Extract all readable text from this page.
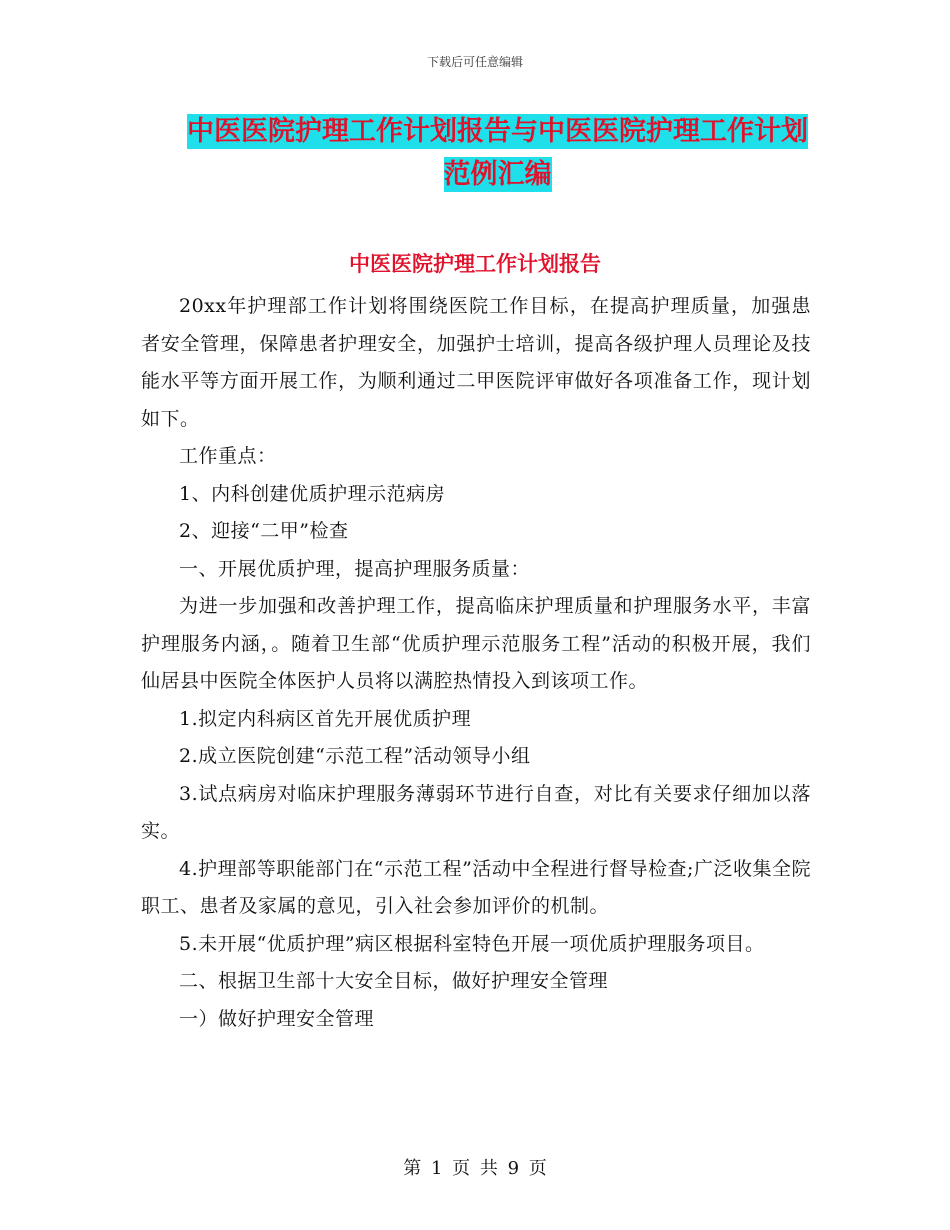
下载后可任意编辑
中医医院护理工作计划报告与中医医院护理工作计划
范例汇编
中医医院护理工作计划报告

20xx年护理部工作计划将围绕医院工作目标，在提高护理质量，加强患者安全管理，保障患者护理安全，加强护士培训，提高各级护理人员理论及技能水平等方面开展工作，为顺利通过二甲医院评审做好各项准备工作，现计划如下。

工作重点：

1、内科创建优质护理示范病房

2、迎接“二甲”检查

一、开展优质护理，提高护理服务质量：

为进一步加强和改善护理工作，提高临床护理质量和护理服务水平，丰富护理服务内涵，。随着卫生部“优质护理示范服务工程”活动的积极开展，我们仙居县中医院全体医护人员将以满腔热情投入到该项工作。

1.拟定内科病区首先开展优质护理

2.成立医院创建“示范工程”活动领导小组

3.试点病房对临床护理服务薄弱环节进行自查，对比有关要求仔细加以落实。

4.护理部等职能部门在“示范工程”活动中全程进行督导检查;广泛收集全院职工、患者及家属的意见，引入社会参加评价的机制。

5.未开展“优质护理”病区根据科室特色开展一项优质护理服务项目。

二、根据卫生部十大安全目标，做好护理安全管理

一）做好护理安全管理

第 1 页 共 9 页
